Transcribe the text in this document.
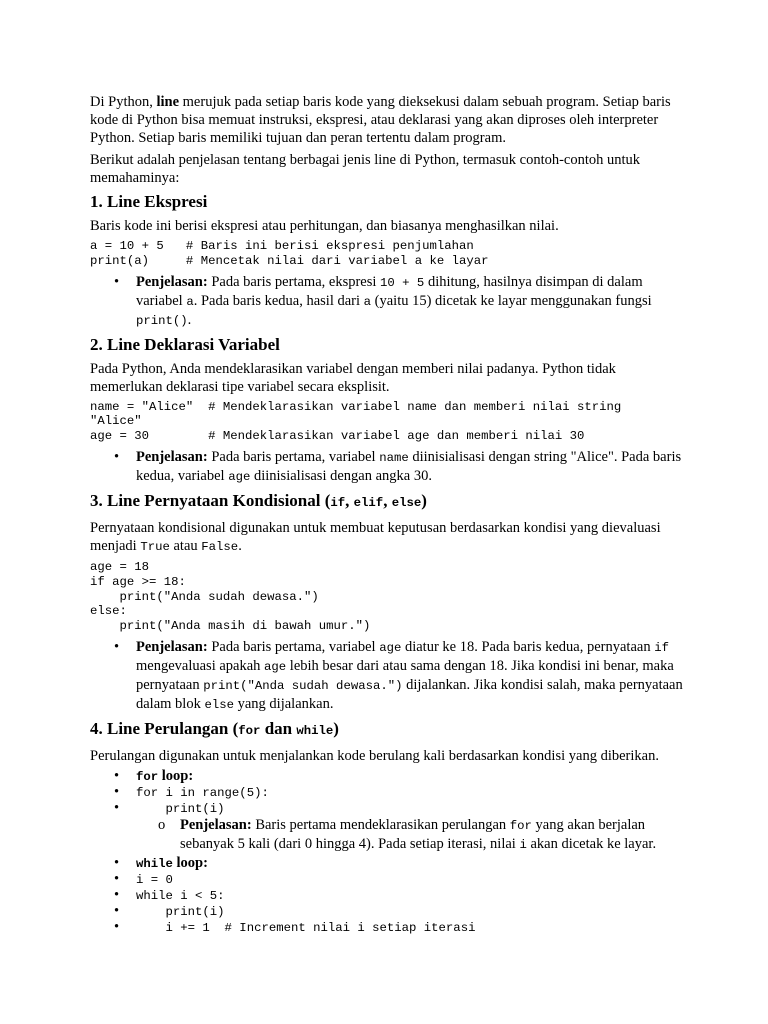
Di Python, line merujuk pada setiap baris kode yang dieksekusi dalam sebuah program. Setiap baris kode di Python bisa memuat instruksi, ekspresi, atau deklarasi yang akan diproses oleh interpreter Python. Setiap baris memiliki tujuan dan peran tertentu dalam program.

Berikut adalah penjelasan tentang berbagai jenis line di Python, termasuk contoh-contoh untuk memahaminya:

1. Line Ekspresi

Baris kode ini berisi ekspresi atau perhitungan, dan biasanya menghasilkan nilai.

a = 10 + 5   # Baris ini berisi ekspresi penjumlahan
print(a)     # Mencetak nilai dari variabel a ke layar
• Penjelasan: Pada baris pertama, ekspresi 10 + 5 dihitung, hasilnya disimpan di dalam variabel a. Pada baris kedua, hasil dari a (yaitu 15) dicetak ke layar menggunakan fungsi print().
2. Line Deklarasi Variabel

Pada Python, Anda mendeklarasikan variabel dengan memberi nilai padanya. Python tidak memerlukan deklarasi tipe variabel secara eksplisit.

name = "Alice"  # Mendeklarasikan variabel name dan memberi nilai string
"Alice"
age = 30        # Mendeklarasikan variabel age dan memberi nilai 30
• Penjelasan: Pada baris pertama, variabel name diinisialisasi dengan string "Alice". Pada baris kedua, variabel age diinisialisasi dengan angka 30.
3. Line Pernyataan Kondisional (if, elif, else)

Pernyataan kondisional digunakan untuk membuat keputusan berdasarkan kondisi yang dievaluasi menjadi True atau False.

age = 18
if age >= 18:
print("Anda sudah dewasa.")
else:
print("Anda masih di bawah umur.")
• Penjelasan: Pada baris pertama, variabel age diatur ke 18. Pada baris kedua, pernyataan if mengevaluasi apakah age lebih besar dari atau sama dengan 18. Jika kondisi ini benar, maka pernyataan print("Anda sudah dewasa.") dijalankan. Jika kondisi salah, maka pernyataan dalam blok else yang dijalankan.
4. Line Perulangan (for dan while)

Perulangan digunakan untuk menjalankan kode berulang kali berdasarkan kondisi yang diberikan.

• for loop:
• for i in range(5):
•     print(i)
o Penjelasan: Baris pertama mendeklarasikan perulangan for yang akan berjalan sebanyak 5 kali (dari 0 hingga 4). Pada setiap iterasi, nilai i akan dicetak ke layar.
• while loop:
• i = 0
• while i < 5:
•     print(i)
•     i += 1  # Increment nilai i setiap iterasi
